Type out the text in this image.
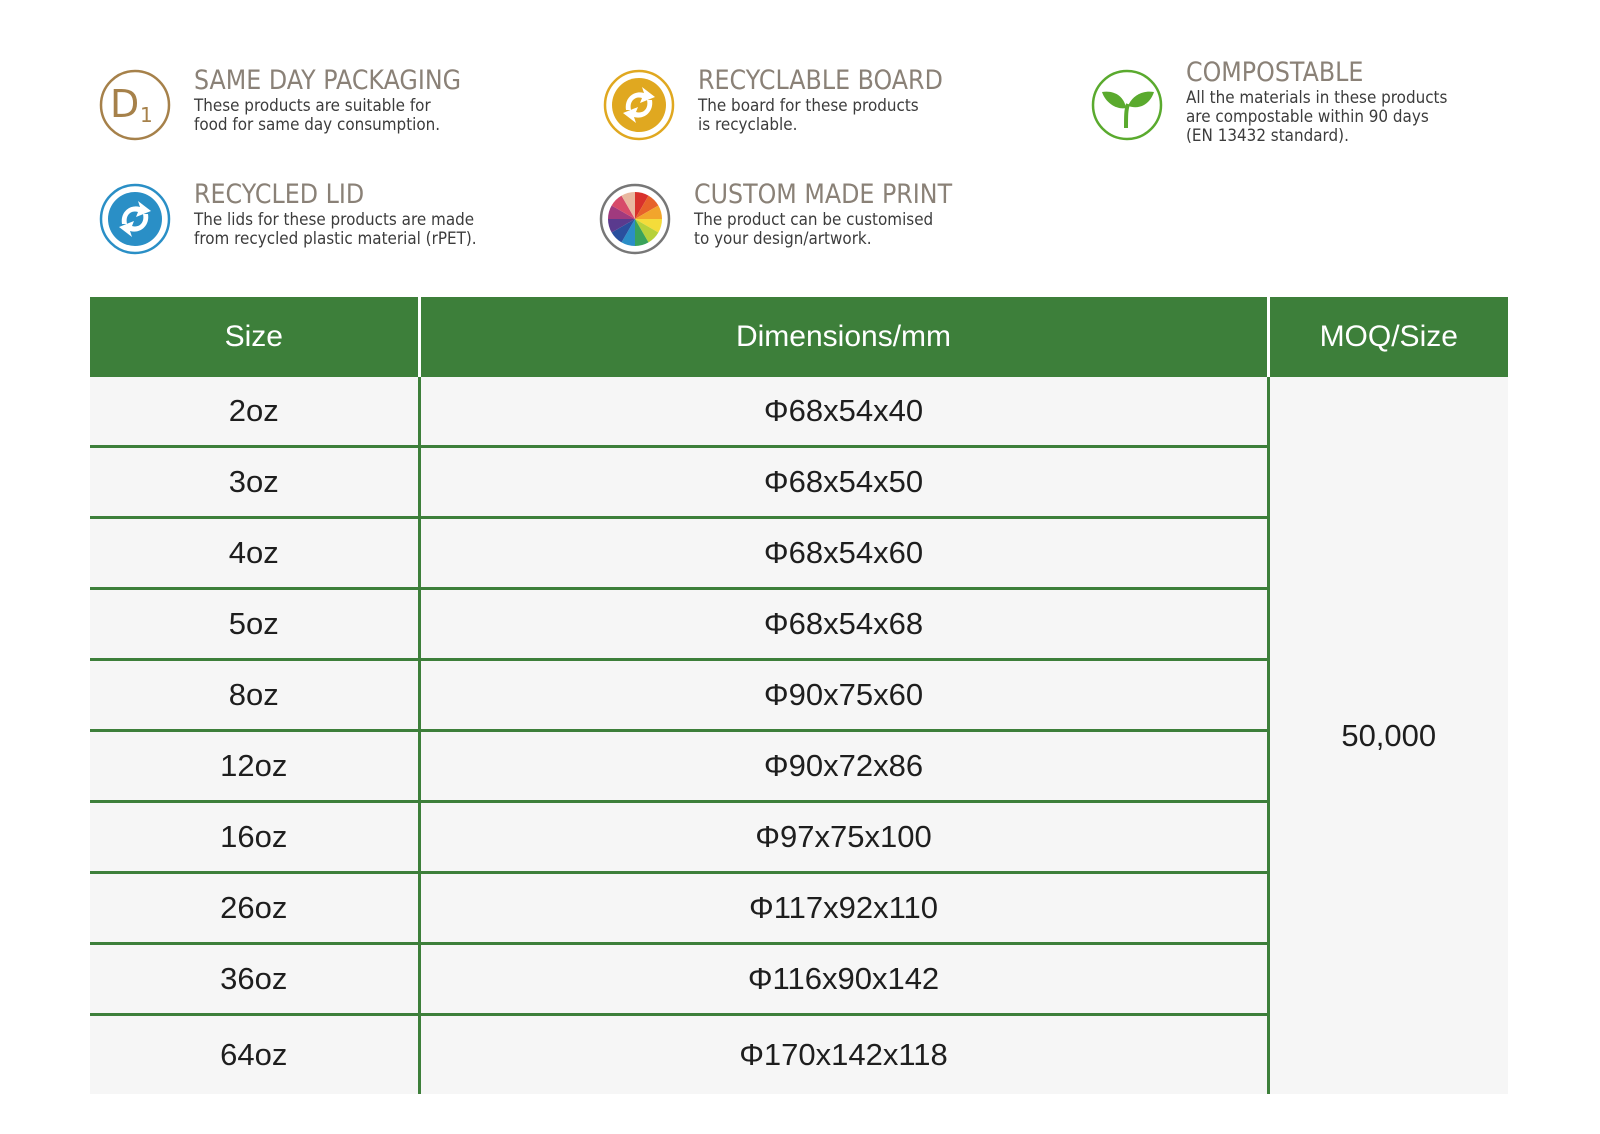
D 1
SAME DAY PACKAGING
These products are suitable for
food for same day consumption.
RECYCLABLE BOARD
The board for these products
is recyclable.
COMPOSTABLE
All the materials in these products
are compostable within 90 days
(EN 13432 standard).
RECYCLED LID
The lids for these products are made
from recycled plastic material (rPET).
CUSTOM MADE PRINT
The product can be customised
to your design/artwork.
Size	Dimensions/mm	MOQ/Size
2oz	Φ68x54x40	50,000
3oz	Φ68x54x50	
4oz	Φ68x54x60	
5oz	Φ68x54x68	
8oz	Φ90x75x60	
12oz	Φ90x72x86	
16oz	Φ97x75x100	
26oz	Φ117x92x110	
36oz	Φ116x90x142	
64oz	Φ170x142x118	
